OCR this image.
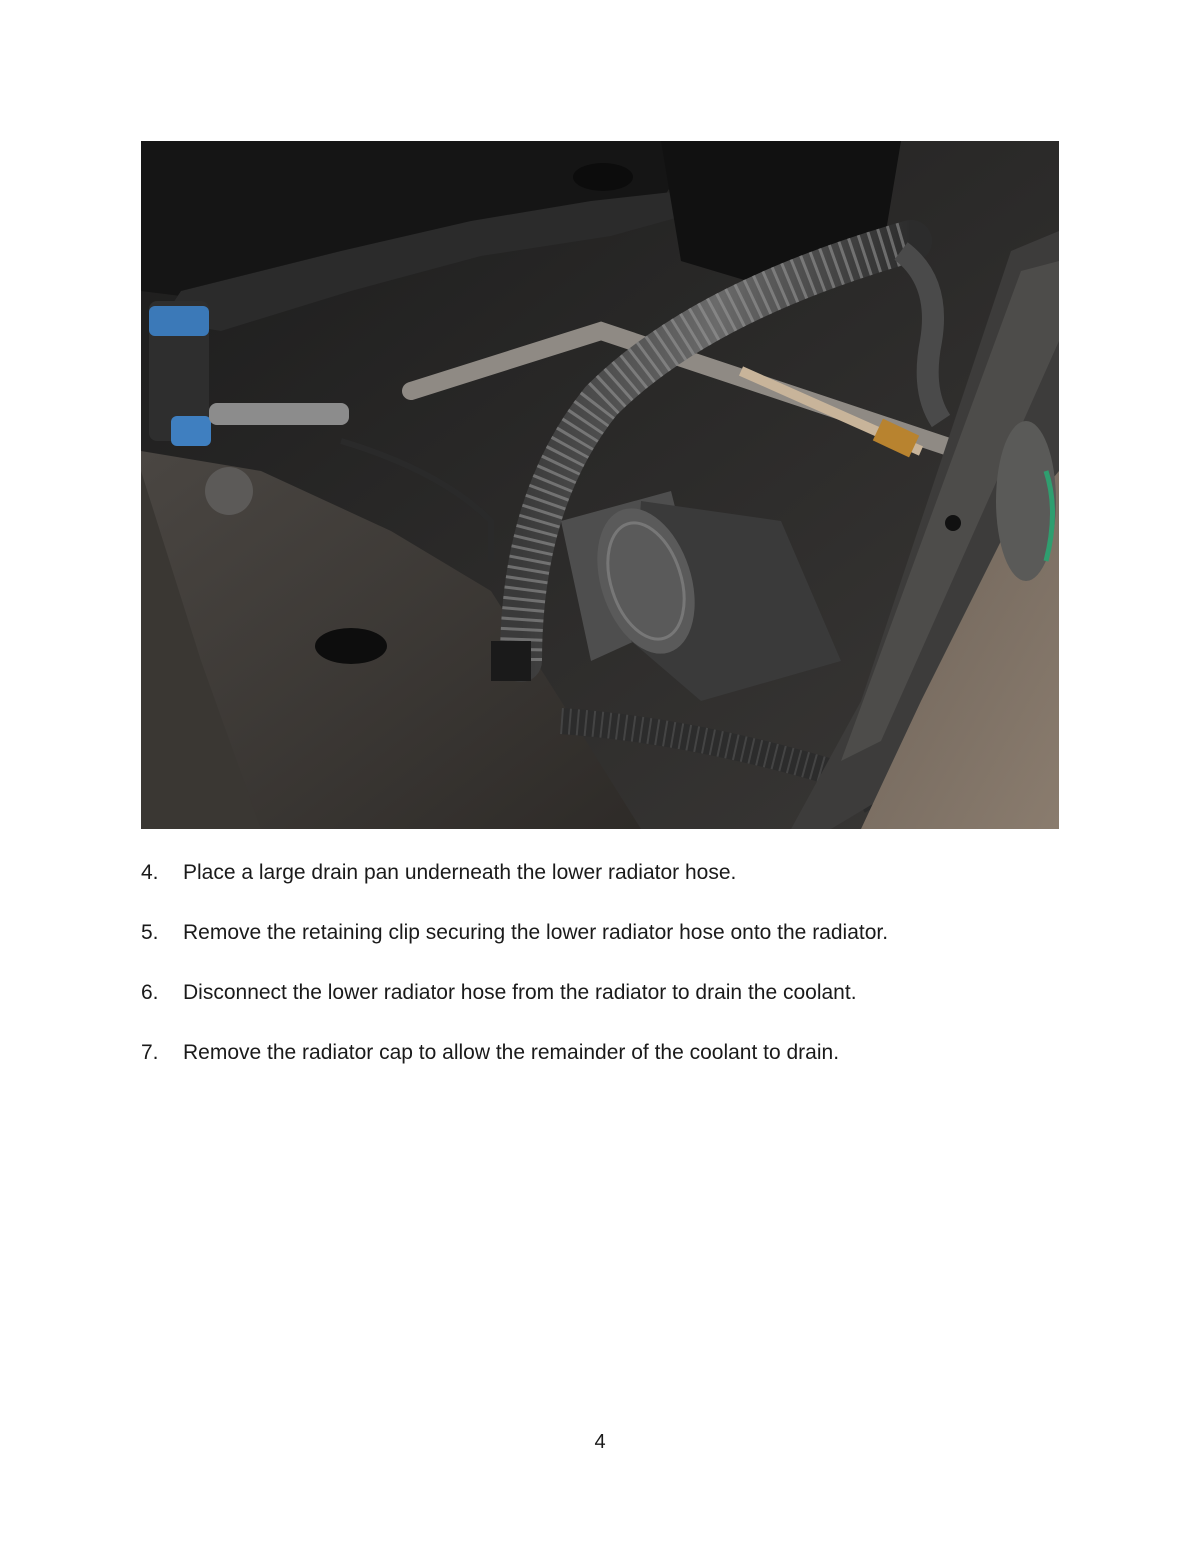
4.	Place a large drain pan underneath the lower radiator hose.
5.	Remove the retaining clip securing the lower radiator hose onto the radiator.
6.	Disconnect the lower radiator hose from the radiator to drain the coolant.
7.	Remove the radiator cap to allow the remainder of the coolant to drain.
4
